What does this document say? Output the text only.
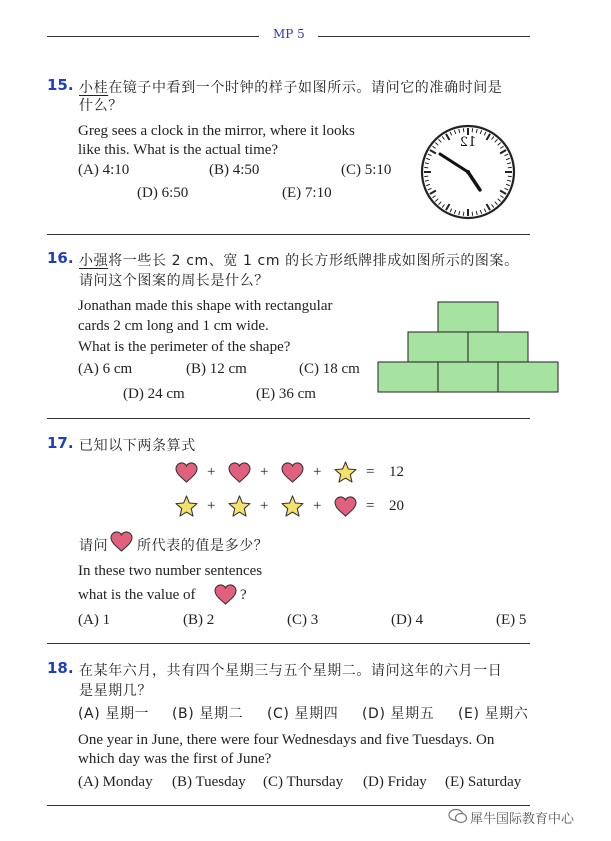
MP 5
15. 小桂在镜子中看到一个时钟的样子如图所示。请问它的准确时间是
什么？
Greg sees a clock in the mirror, where it looks
like this. What is the actual time?
(A) 4:10	(B) 4:50	(C) 5:10
(D) 6:50	(E) 7:10
12
16. 小强将一些长 2 cm、宽 1 cm 的长方形纸牌排成如图所示的图案。
请问这个图案的周长是什么？
Jonathan made this shape with rectangular
cards 2 cm long and 1 cm wide.
What is the perimeter of the shape?
(A) 6 cm	(B) 12 cm	(C) 18 cm
(D) 24 cm	(E) 36 cm
17. 已知以下两条算式
+	+	+	= 12
+	+	+	= 20
请问 所代表的值是多少？
In these two number sentences
what is the value of	?
(A) 1	(B) 2	(C) 3	(D) 4	(E) 5
18. 在某年六月，共有四个星期三与五个星期二。请问这年的六月一日
是星期几？
(A) 星期一 (B) 星期二 (C) 星期四 (D) 星期五 (E) 星期六
One year in June, there were four Wednesdays and five Tuesdays. On
which day was the first of June?
(A) Monday (B) Tuesday (C) Thursday (D) Friday (E) Saturday
犀牛国际教育中心
